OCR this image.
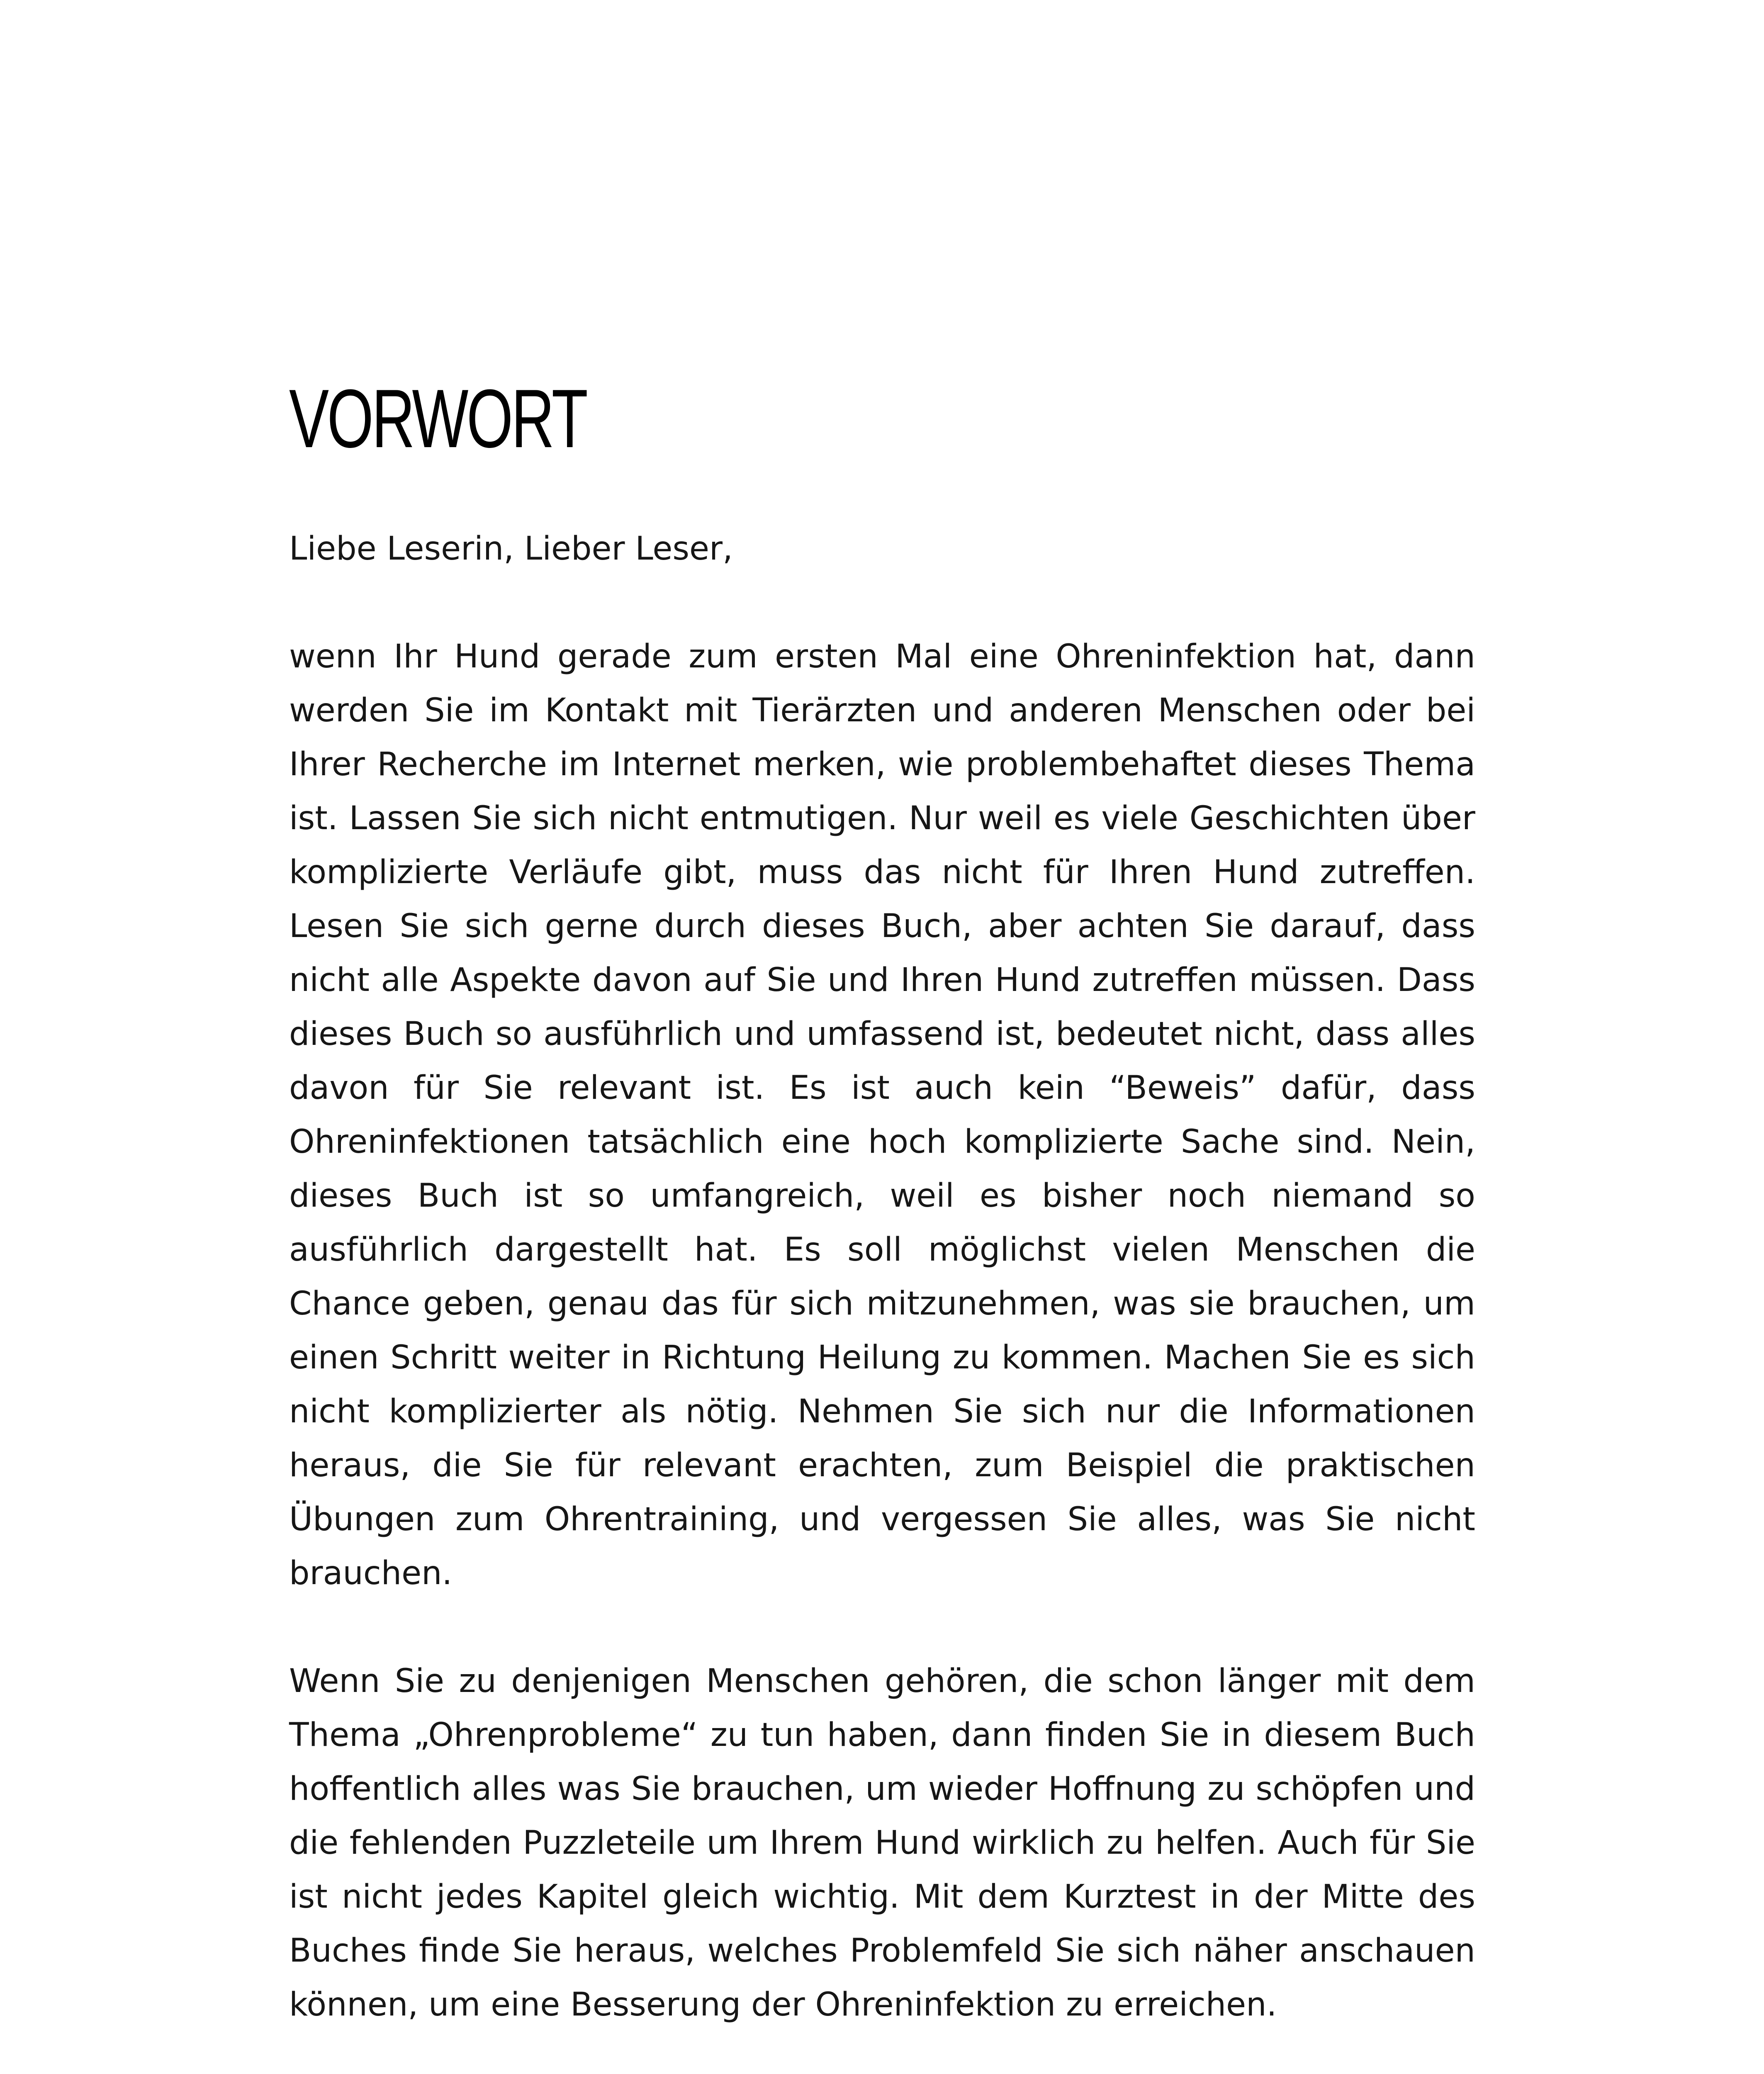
VORWORT

Liebe Leserin, Lieber Leser,

wenn Ihr Hund gerade zum ersten Mal eine Ohreninfektion hat, dann werden Sie im Kontakt mit Tierärzten und anderen Menschen oder bei Ihrer Recherche im Internet merken, wie problembehaftet dieses Thema ist. Lassen Sie sich nicht entmutigen. Nur weil es viele Geschichten über komplizierte Verläufe gibt, muss das nicht für Ihren Hund zutreffen. Lesen Sie sich gerne durch dieses Buch, aber achten Sie darauf, dass nicht alle Aspekte davon auf Sie und Ihren Hund zutreffen müssen. Dass dieses Buch so ausführlich und umfassend ist, bedeutet nicht, dass alles davon für Sie relevant ist. Es ist auch kein “Beweis” dafür, dass Ohreninfektionen tatsächlich eine hoch komplizierte Sache sind. Nein, dieses Buch ist so umfangreich, weil es bisher noch niemand so ausführlich dargestellt hat. Es soll möglichst vielen Menschen die Chance geben, genau das für sich mitzunehmen, was sie brauchen, um einen Schritt weiter in Richtung Heilung zu kommen. Machen Sie es sich nicht komplizierter als nötig. Nehmen Sie sich nur die Informationen heraus, die Sie für relevant erachten, zum Beispiel die praktischen Übungen zum Ohrentraining, und vergessen Sie alles, was Sie nicht brauchen.

Wenn Sie zu denjenigen Menschen gehören, die schon länger mit dem Thema „Ohrenprobleme“ zu tun haben, dann finden Sie in diesem Buch hoffentlich alles was Sie brauchen, um wieder Hoffnung zu schöpfen und die fehlenden Puzzleteile um Ihrem Hund wirklich zu helfen. Auch für Sie ist nicht jedes Kapitel gleich wichtig. Mit dem Kurztest in der Mitte des Buches finde Sie heraus, welches Problemfeld Sie sich näher anschauen können, um eine Besserung der Ohreninfektion zu erreichen.
